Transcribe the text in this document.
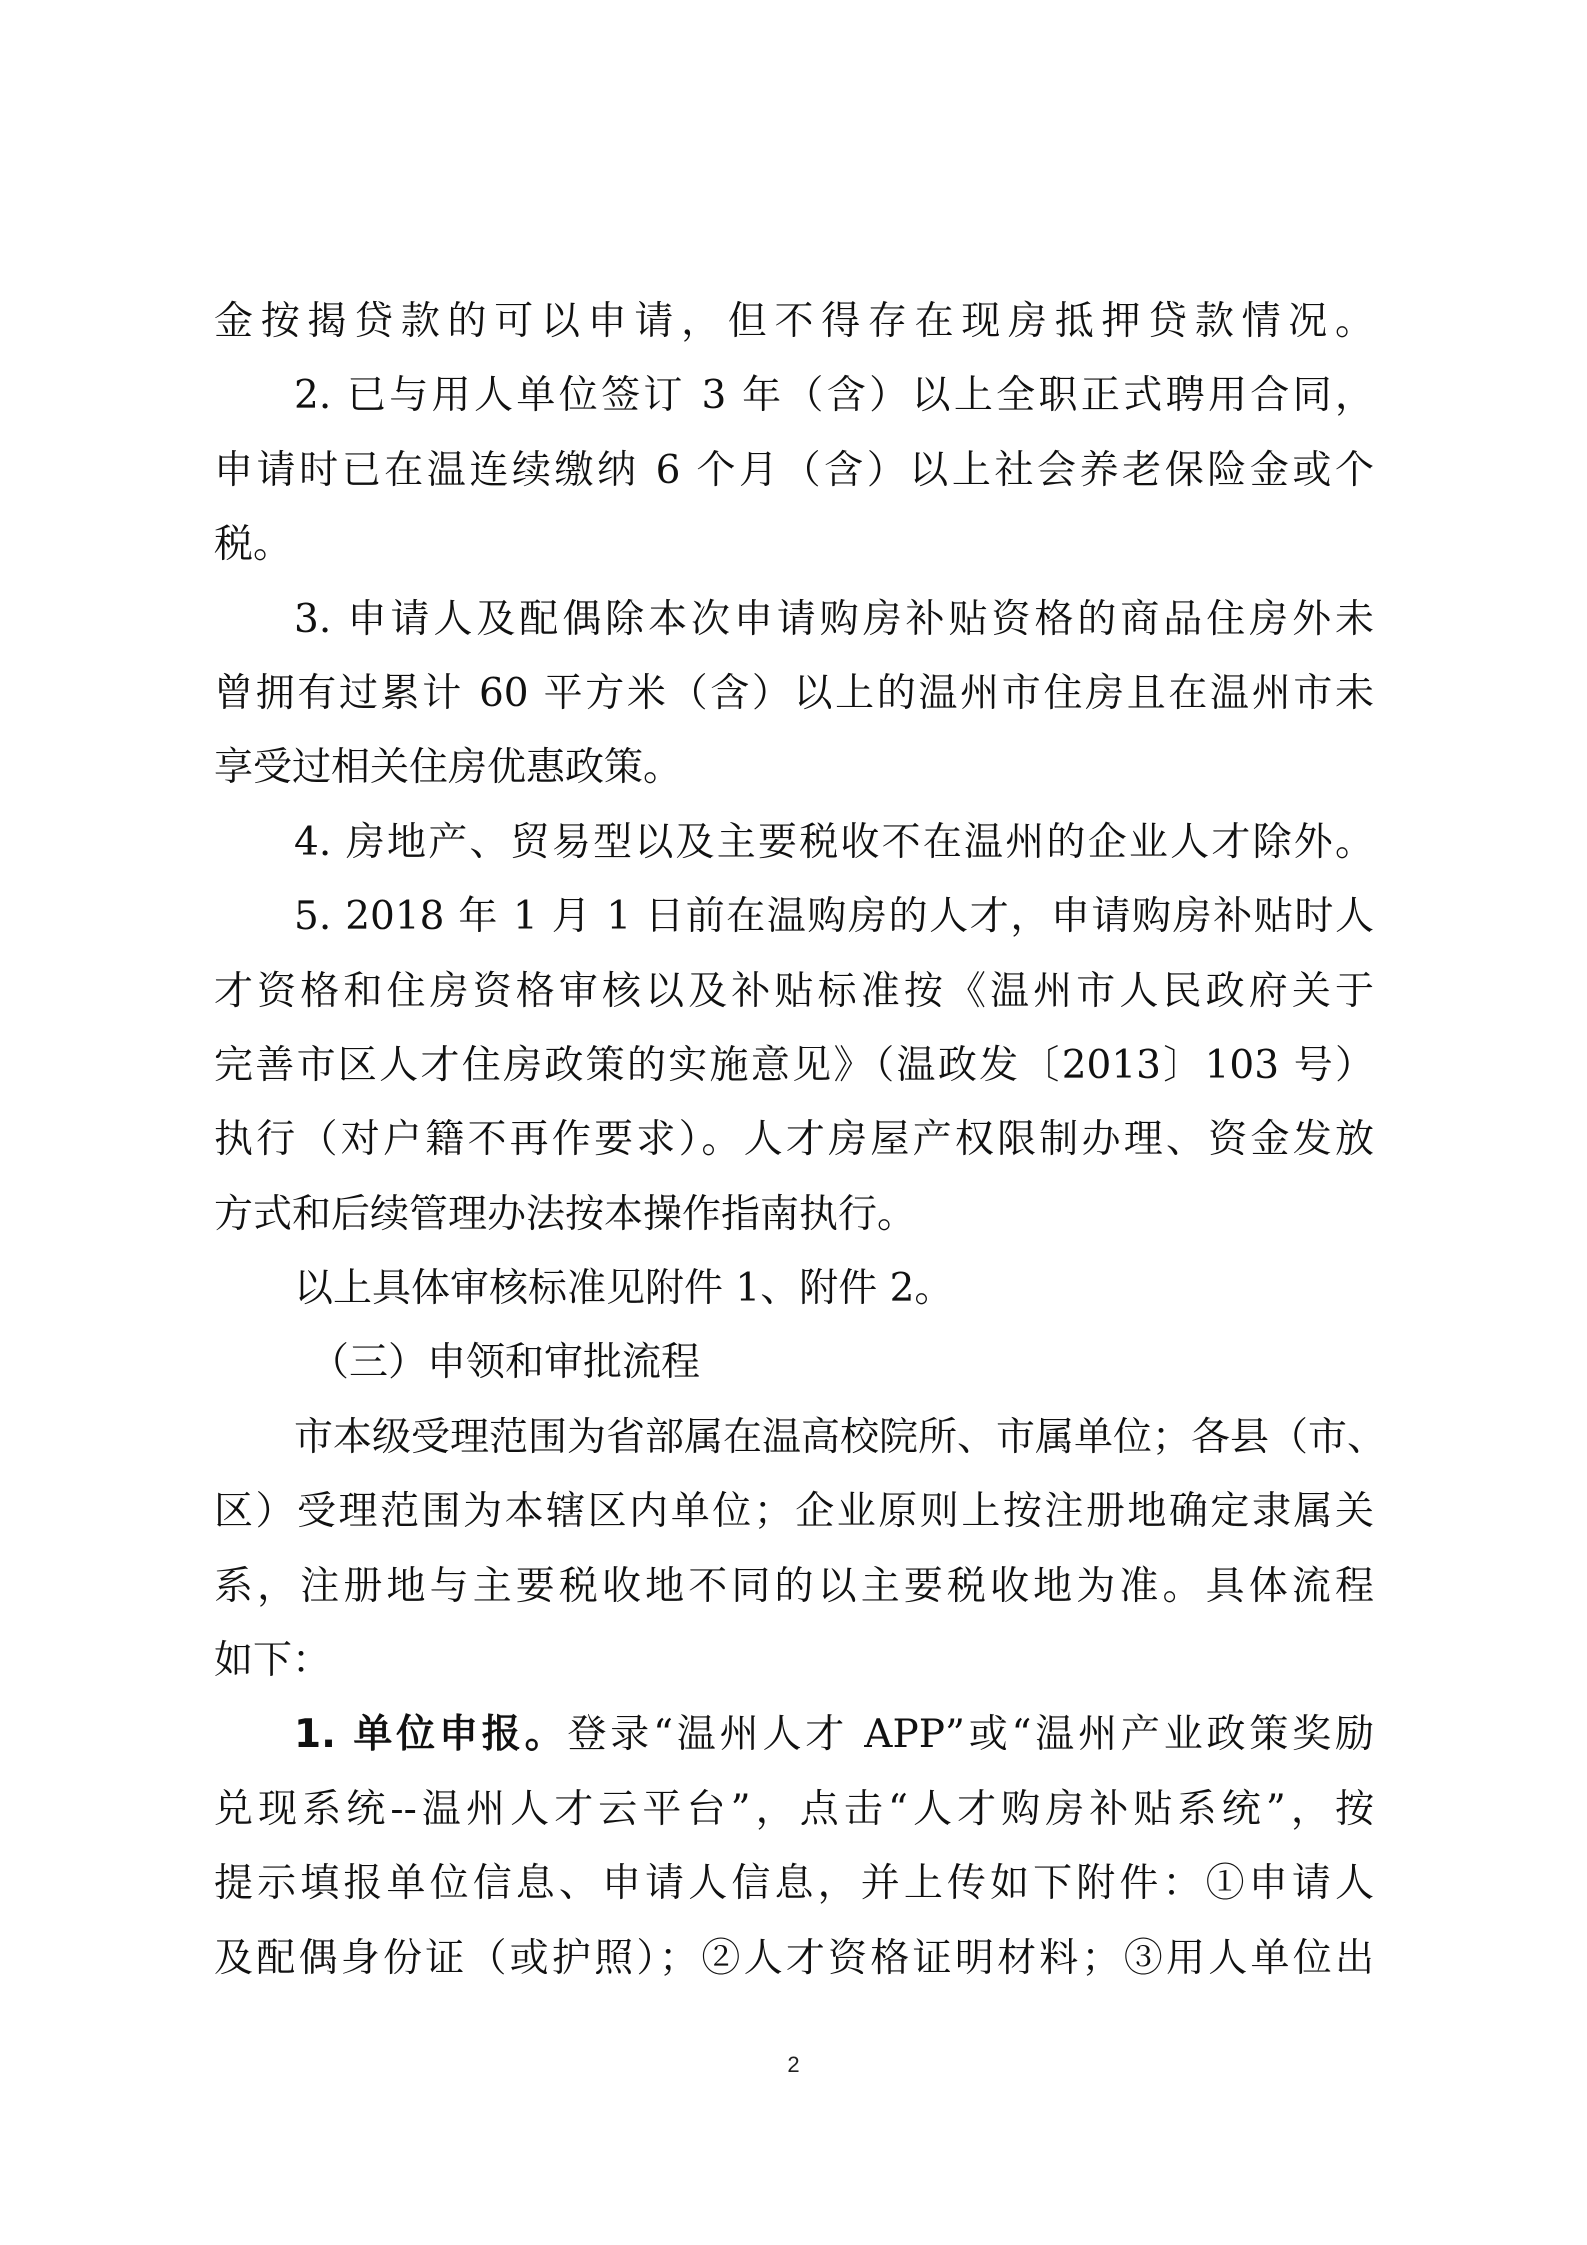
金按揭贷款的可以申请，但不得存在现房抵押贷款情况。
2. 已与用人单位签订 3 年（含）以上全职正式聘用合同，
申请时已在温连续缴纳 6 个月（含）以上社会养老保险金或个
税。
3. 申请人及配偶除本次申请购房补贴资格的商品住房外未
曾拥有过累计 60 平方米（含）以上的温州市住房且在温州市未
享受过相关住房优惠政策。
4. 房地产、贸易型以及主要税收不在温州的企业人才除外。
5. 2018 年 1 月 1 日前在温购房的人才，申请购房补贴时人
才资格和住房资格审核以及补贴标准按《温州市人民政府关于
完善市区人才住房政策的实施意见》（温政发〔2013〕103 号）
执行（对户籍不再作要求）。人才房屋产权限制办理、资金发放
方式和后续管理办法按本操作指南执行。
以上具体审核标准见附件 1、附件 2。
（三）申领和审批流程
市本级受理范围为省部属在温高校院所、市属单位；各县（市、
区）受理范围为本辖区内单位；企业原则上按注册地确定隶属关
系，注册地与主要税收地不同的以主要税收地为准。具体流程
如下：
1. 单位申报。登录“温州人才 APP”或“温州产业政策奖励
兑现系统--温州人才云平台”，点击“人才购房补贴系统”，按
提示填报单位信息、申请人信息，并上传如下附件：①申请人
及配偶身份证（或护照）；②人才资格证明材料；③用人单位出
2
